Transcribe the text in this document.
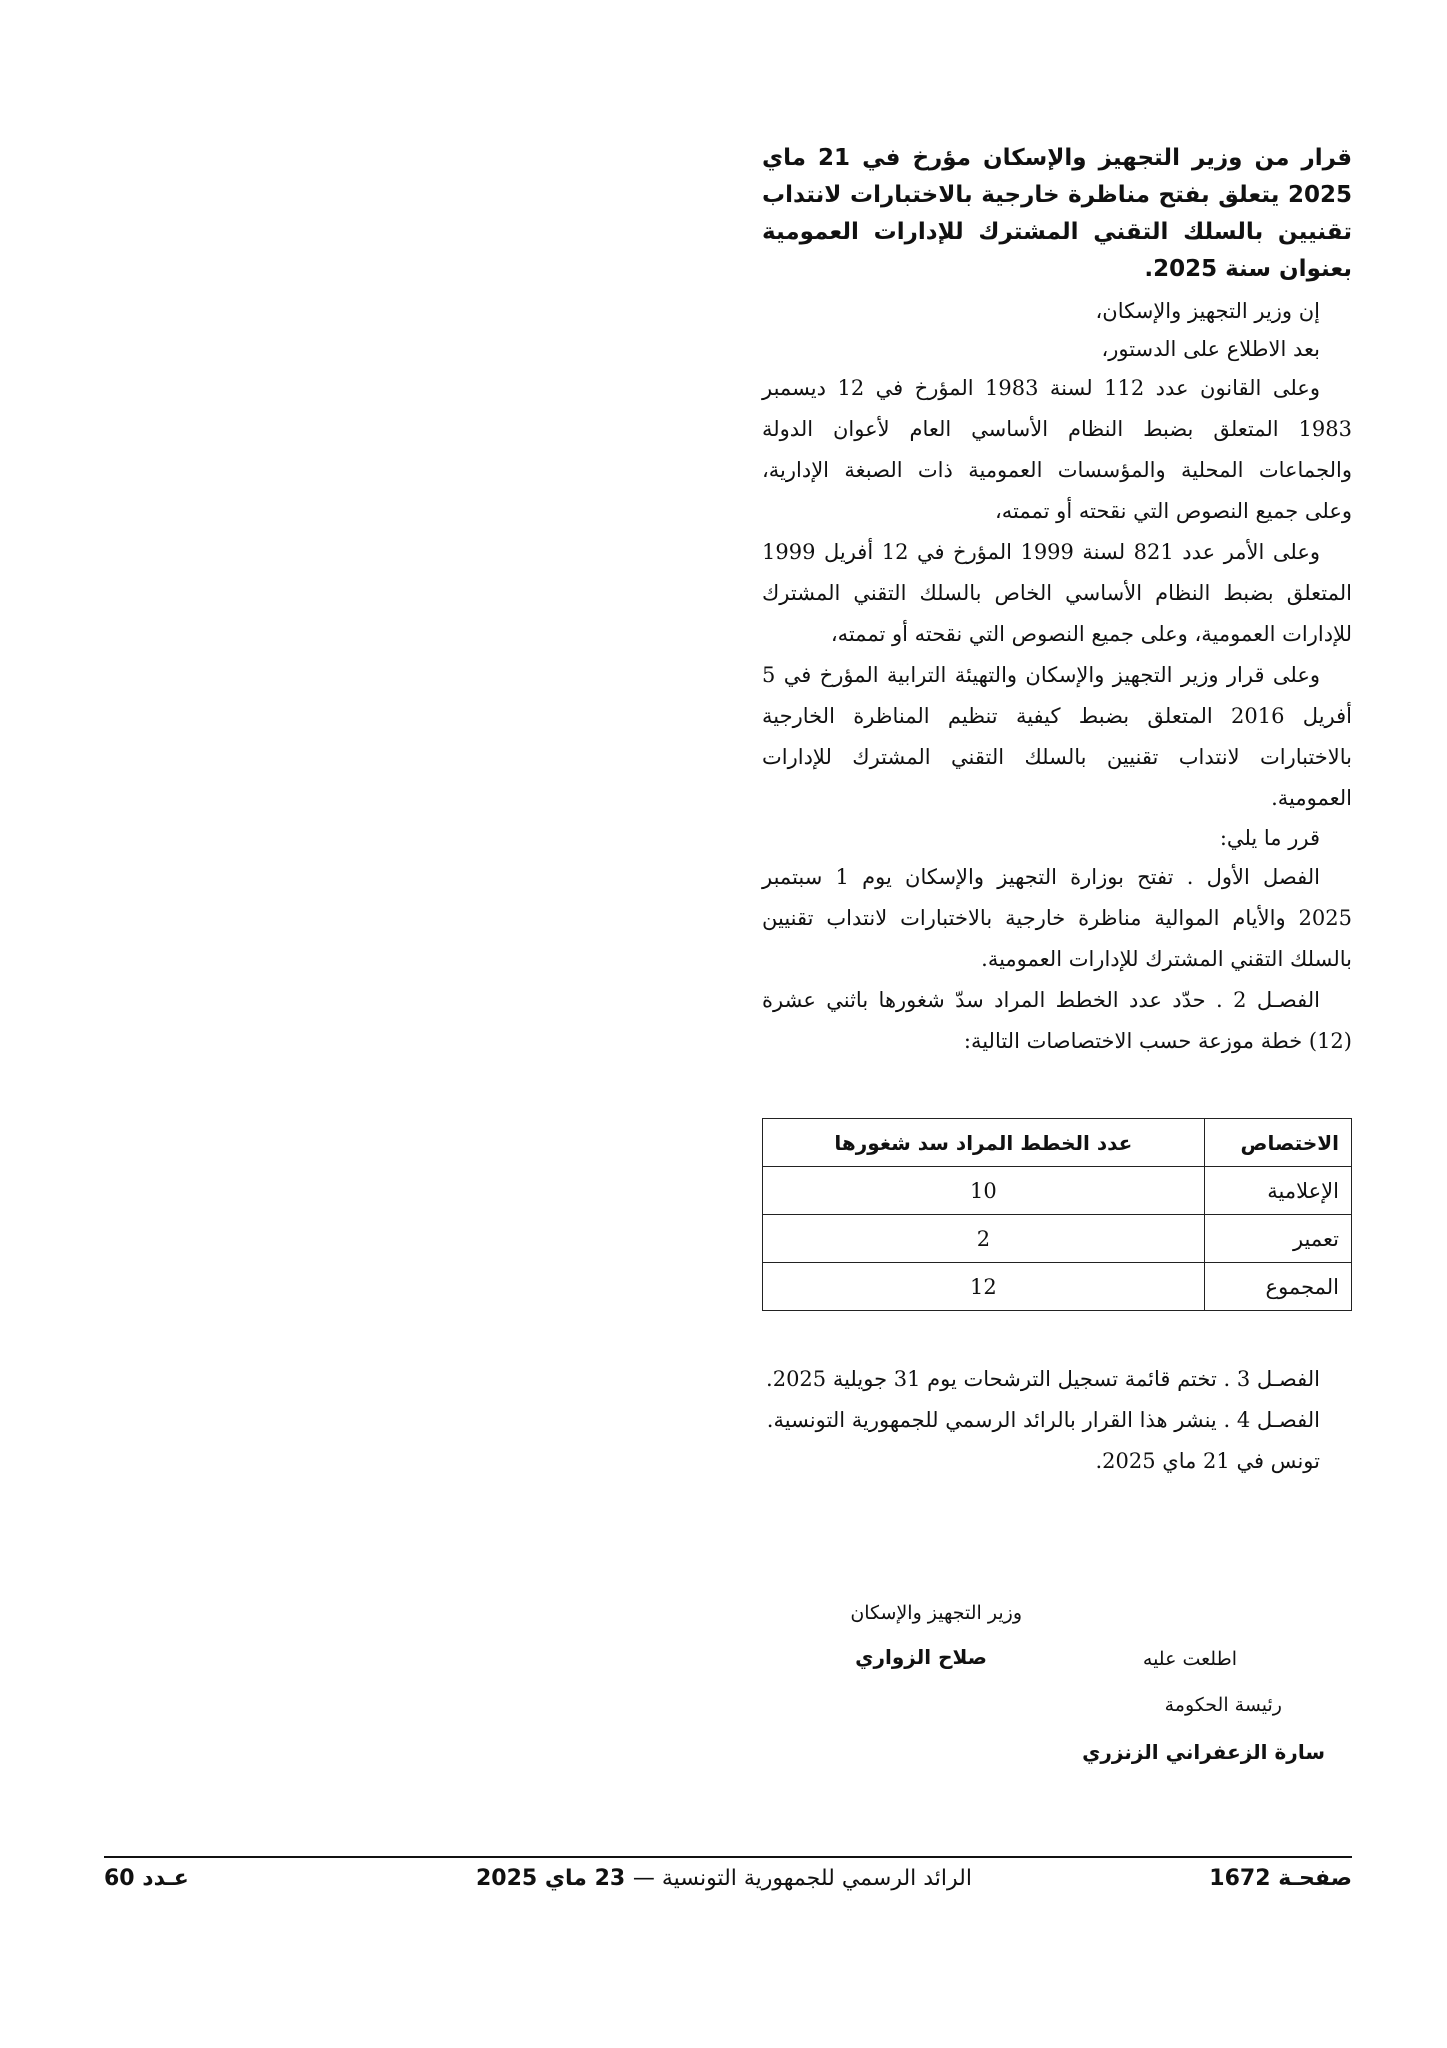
قرار من وزير التجهيز والإسكان مؤرخ في 21 ماي 2025 يتعلق بفتح مناظرة خارجية بالاختبارات لانتداب تقنيين بالسلك التقني المشترك للإدارات العمومية بعنوان سنة 2025.

إن وزير التجهيز والإسكان،

بعد الاطلاع على الدستور،

وعلى القانون عدد 112 لسنة 1983 المؤرخ في 12 ديسمبر 1983 المتعلق بضبط النظام الأساسي العام لأعوان الدولة والجماعات المحلية والمؤسسات العمومية ذات الصبغة الإدارية، وعلى جميع النصوص التي نقحته أو تممته،

وعلى الأمر عدد 821 لسنة 1999 المؤرخ في 12 أفريل 1999 المتعلق بضبط النظام الأساسي الخاص بالسلك التقني المشترك للإدارات العمومية، وعلى جميع النصوص التي نقحته أو تممته،

وعلى قرار وزير التجهيز والإسكان والتهيئة الترابية المؤرخ في 5 أفريل 2016 المتعلق بضبط كيفية تنظيم المناظرة الخارجية بالاختبارات لانتداب تقنيين بالسلك التقني المشترك للإدارات العمومية.

قرر ما يلي:

الفصل الأول . تفتح بوزارة التجهيز والإسكان يوم 1 سبتمبر 2025 والأيام الموالية مناظرة خارجية بالاختبارات لانتداب تقنيين بالسلك التقني المشترك للإدارات العمومية.

الفصـل 2 . حدّد عدد الخطط المراد سدّ شغورها باثني عشرة (12) خطة موزعة حسب الاختصاصات التالية:

الاختصاص	عدد الخطط المراد سد شغورها
الإعلامية	10
تعمير	2
المجموع	12

الفصـل 3 . تختم قائمة تسجيل الترشحات يوم 31 جويلية 2025.

الفصـل 4 . ينشر هذا القرار بالرائد الرسمي للجمهورية التونسية.

تونس في 21 ماي 2025.

وزير التجهيز والإسكان
صلاح الزواري	اطلعت عليه
رئيسة الحكومة
سارة الزعفراني الزنزري
صفحـة 1672
الرائد الرسمي للجمهورية التونسية — 23 ماي 2025
عـدد 60
